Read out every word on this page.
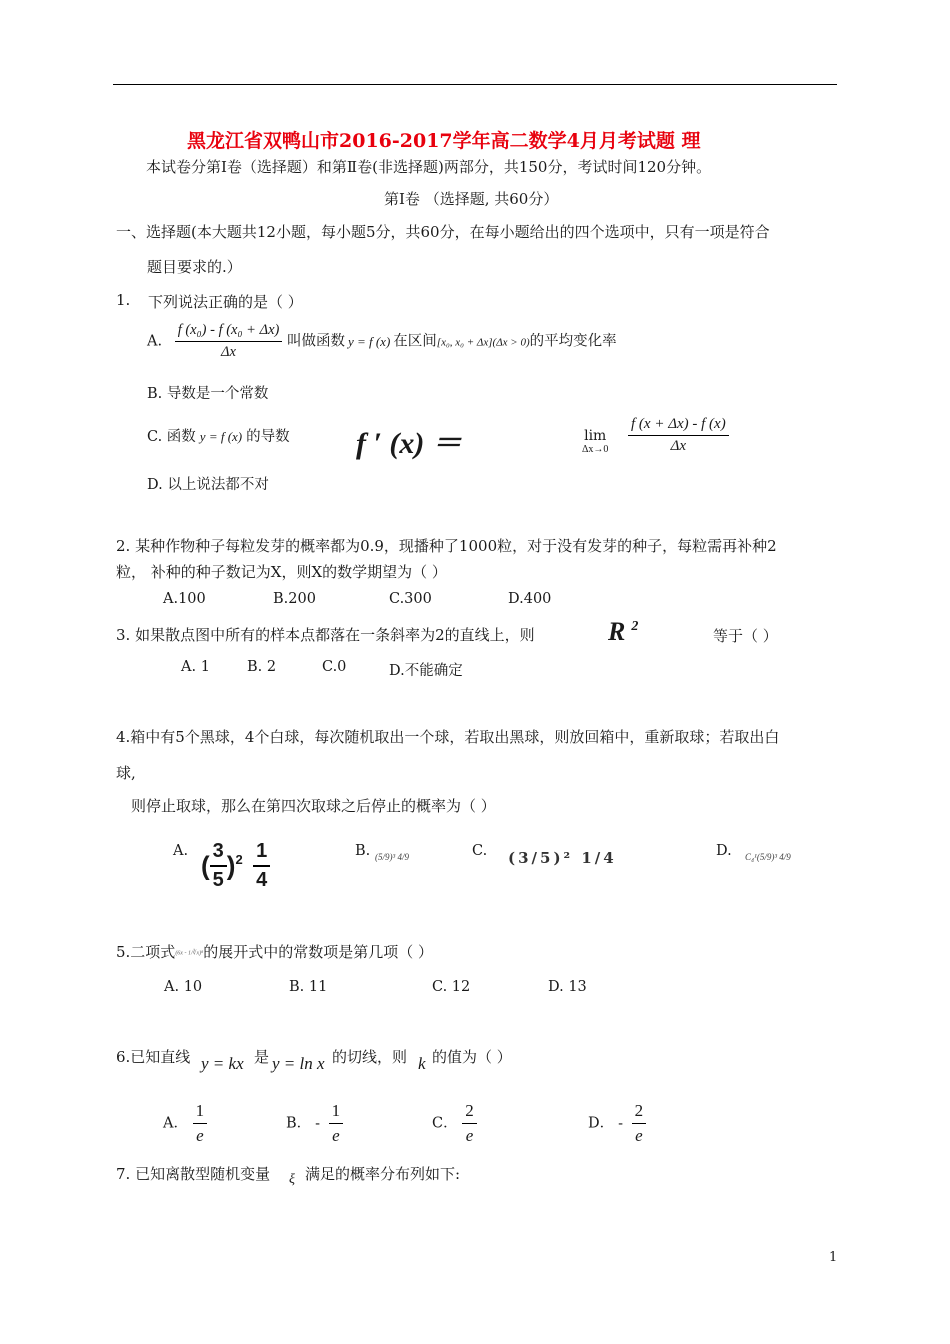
黑龙江省双鸭山市2016-2017学年高二数学4月月考试题 理
本试卷分第Ⅰ卷（选择题）和第Ⅱ卷(非选择题)两部分，共150分，考试时间120分钟。
第Ⅰ卷 （选择题, 共60分）
一、选择题(本大题共12小题，每小题5分，共60分，在每小题给出的四个选项中，只有一项是符合
题目要求的.）
1. 下列说法正确的是（ ）
A. $\frac{\text{f (x₀) - f (x₀ + Δx)}}{\Delta x}$ 叫做函数 y = f (x) 在区间[x₀, x₀ + Δx](Δx > 0)的平均变化率
B. 导数是一个常数
C. 函数 y = f (x) 的导数 f ′ (x) ＝	lim
$\Delta x\to 0 \frac{f (x + \Delta x) - f (x)}{\Delta x}$
D. 以上说法都不对
2. 某种作物种子每粒发芽的概率都为0.9，现播种了1000粒，对于没有发芽的种子，每粒需再补种2
粒， 补种的种子数记为X，则X的数学期望为（ ）
A.100	B.200	C.300	D.400
3. 如果散点图中所有的样本点都落在一条斜率为2的直线上，则	R $^2$
等于（ ）
A. 1	B. 2	C.0	D.不能确定
4.箱中有5个黑球，4个白球，每次随机取出一个球，若取出黑球，则放回箱中，重新取球；若取出白
球,
则停止取球，那么在第四次取球之后停止的概率为（ ）
A. ( $\frac{3}{5} )^2 \frac{1}{4}$	B. (5/9)³ 4/9	C. (3/5)² 1/4	D. C₄¹(5/9)³ 4/9
5.二项式(6x - 1/∛x)⁸的展开式中的常数项是第几项（ ）
A. 10	B. 11	C. 12	D. 13
6.已知直线 y = kx 是 y = ln x 的切线，则 k 的值为（ ）
A． $\frac{1}{e}$	B． - $\frac{1}{e}$	C． $\frac{2}{e}$	D． - $\frac{2}{e}$
7. 已知离散型随机变量 ξ 满足的概率分布列如下:
1
